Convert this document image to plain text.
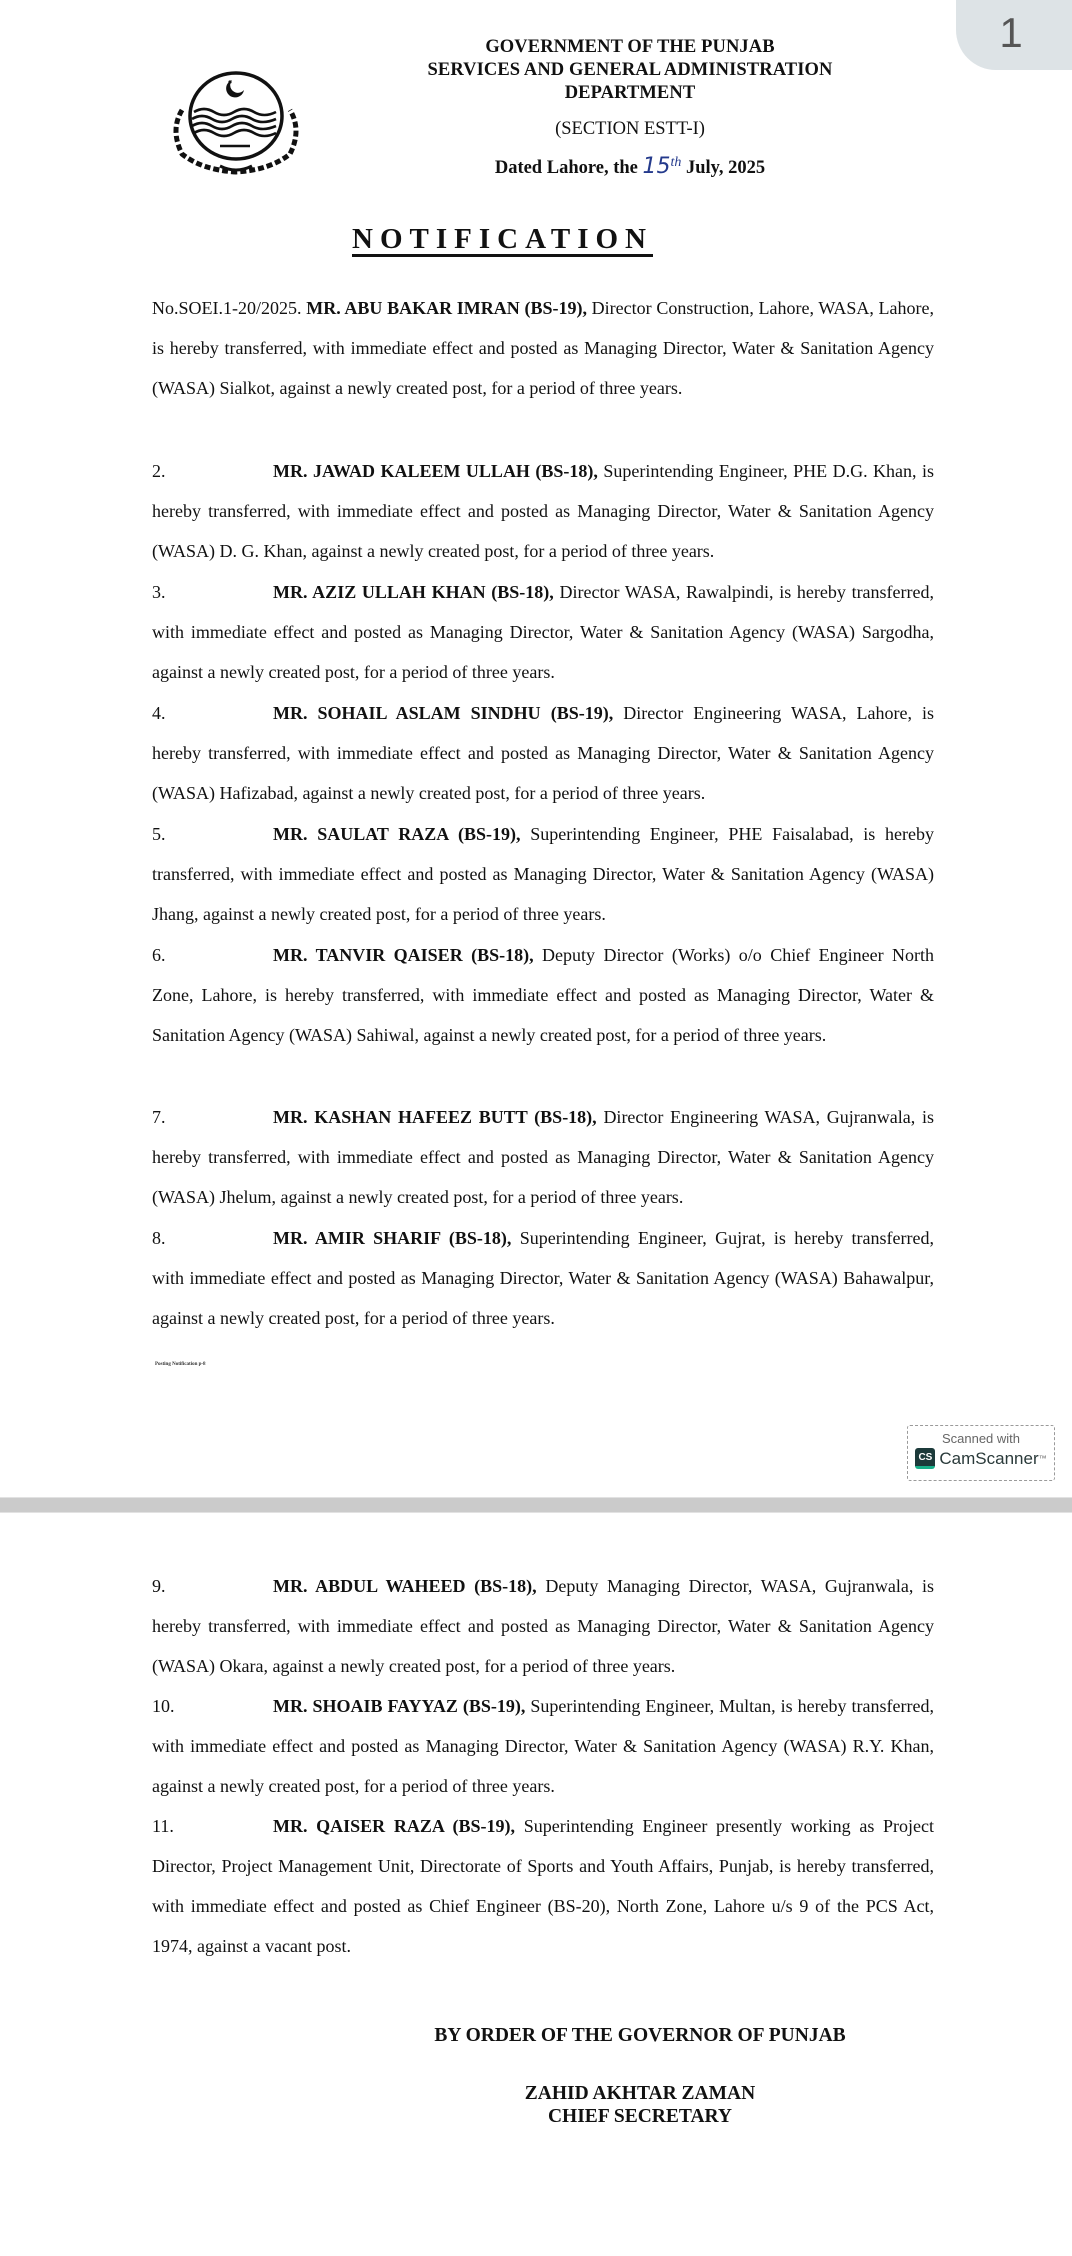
1
GOVERNMENT OF THE PUNJAB
SERVICES AND GENERAL ADMINISTRATION
DEPARTMENT
(SECTION ESTT-I)
Dated Lahore, the 15th July, 2025
NOTIFICATION
No.SOEI.1-20/2025. MR. ABU BAKAR IMRAN (BS-19), Director Construction, Lahore, WASA, Lahore, is hereby transferred, with immediate effect and posted as Managing Director, Water & Sanitation Agency (WASA) Sialkot, against a newly created post, for a period of three years.
2.	MR. JAWAD KALEEM ULLAH (BS-18), Superintending Engineer, PHE D.G. Khan, is hereby transferred, with immediate effect and posted as Managing Director, Water & Sanitation Agency (WASA) D. G. Khan, against a newly created post, for a period of three years.
3.	MR. AZIZ ULLAH KHAN (BS-18), Director WASA, Rawalpindi, is hereby transferred, with immediate effect and posted as Managing Director, Water & Sanitation Agency (WASA) Sargodha, against a newly created post, for a period of three years.
4.	MR. SOHAIL ASLAM SINDHU (BS-19), Director Engineering WASA, Lahore, is hereby transferred, with immediate effect and posted as Managing Director, Water & Sanitation Agency (WASA) Hafizabad, against a newly created post, for a period of three years.
5.	MR. SAULAT RAZA (BS-19), Superintending Engineer, PHE Faisalabad, is hereby transferred, with immediate effect and posted as Managing Director, Water & Sanitation Agency (WASA) Jhang, against a newly created post, for a period of three years.
6.	MR. TANVIR QAISER (BS-18), Deputy Director (Works) o/o Chief Engineer North Zone, Lahore, is hereby transferred, with immediate effect and posted as Managing Director, Water & Sanitation Agency (WASA) Sahiwal, against a newly created post, for a period of three years.
7.	MR. KASHAN HAFEEZ BUTT (BS-18), Director Engineering WASA, Gujranwala, is hereby transferred, with immediate effect and posted as Managing Director, Water & Sanitation Agency (WASA) Jhelum, against a newly created post, for a period of three years.
8.	MR. AMIR SHARIF (BS-18), Superintending Engineer, Gujrat, is hereby transferred, with immediate effect and posted as Managing Director, Water & Sanitation Agency (WASA) Bahawalpur, against a newly created post, for a period of three years.
Posting Notification p-8
Scanned with
CS CamScanner ™
9.	MR. ABDUL WAHEED (BS-18), Deputy Managing Director, WASA, Gujranwala, is hereby transferred, with immediate effect and posted as Managing Director, Water & Sanitation Agency (WASA) Okara, against a newly created post, for a period of three years.
10.	MR. SHOAIB FAYYAZ (BS-19), Superintending Engineer, Multan, is hereby transferred, with immediate effect and posted as Managing Director, Water & Sanitation Agency (WASA) R.Y. Khan, against a newly created post, for a period of three years.
11.	MR. QAISER RAZA (BS-19), Superintending Engineer presently working as Project Director, Project Management Unit, Directorate of Sports and Youth Affairs, Punjab, is hereby transferred, with immediate effect and posted as Chief Engineer (BS-20), North Zone, Lahore u/s 9 of the PCS Act, 1974, against a vacant post.
BY ORDER OF THE GOVERNOR OF PUNJAB
ZAHID AKHTAR ZAMAN
CHIEF SECRETARY
